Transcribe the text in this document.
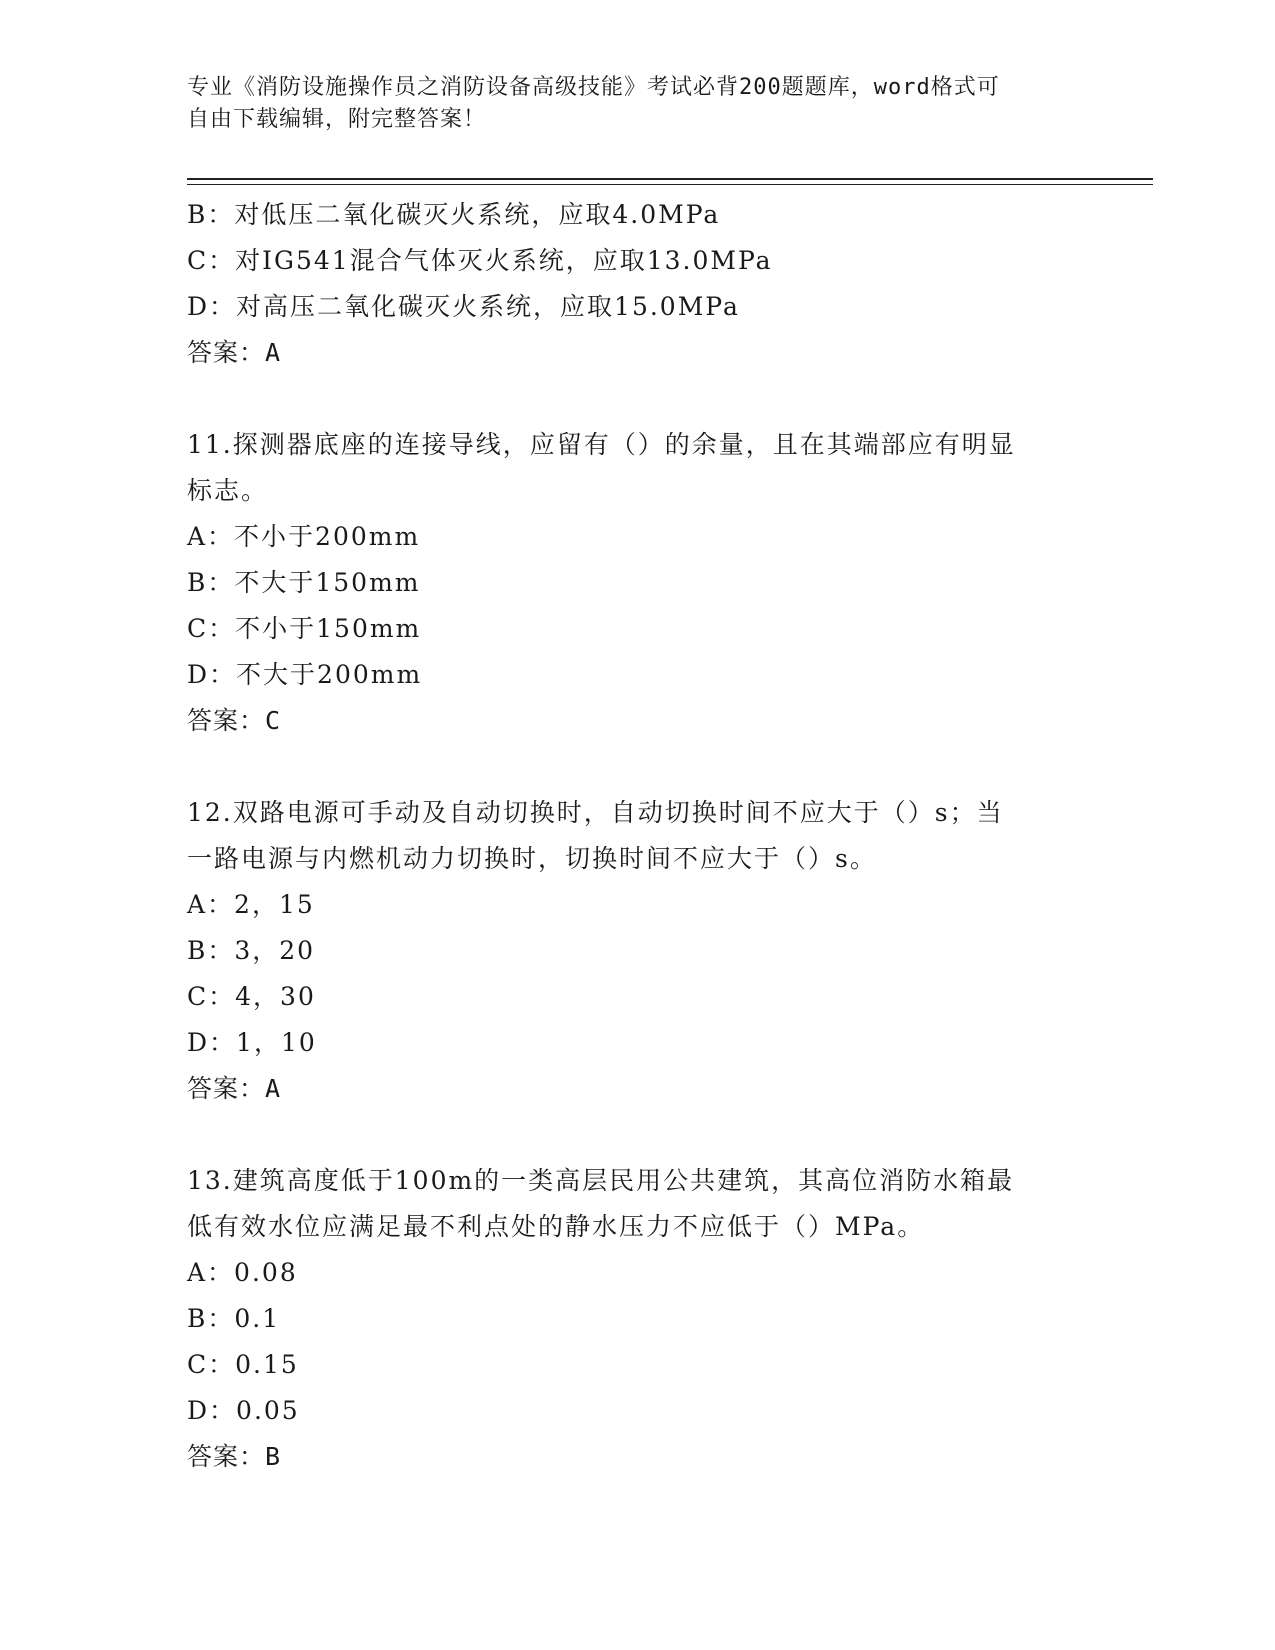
专业《消防设施操作员之消防设备高级技能》考试必背200题题库，word格式可
自由下载编辑，附完整答案！
B：对低压二氧化碳灭火系统，应取4.0MPa
C：对IG541混合气体灭火系统，应取13.0MPa
D：对高压二氧化碳灭火系统，应取15.0MPa
答案：A
11.探测器底座的连接导线，应留有（）的余量，且在其端部应有明显
标志。
A：不小于200mm
B：不大于150mm
C：不小于150mm
D：不大于200mm
答案：C
12.双路电源可手动及自动切换时，自动切换时间不应大于（）s；当
一路电源与内燃机动力切换时，切换时间不应大于（）s。
A：2，15
B：3，20
C：4，30
D：1，10
答案：A
13.建筑高度低于100m的一类高层民用公共建筑，其高位消防水箱最
低有效水位应满足最不利点处的静水压力不应低于（）MPa。
A：0.08
B：0.1
C：0.15
D：0.05
答案：B
